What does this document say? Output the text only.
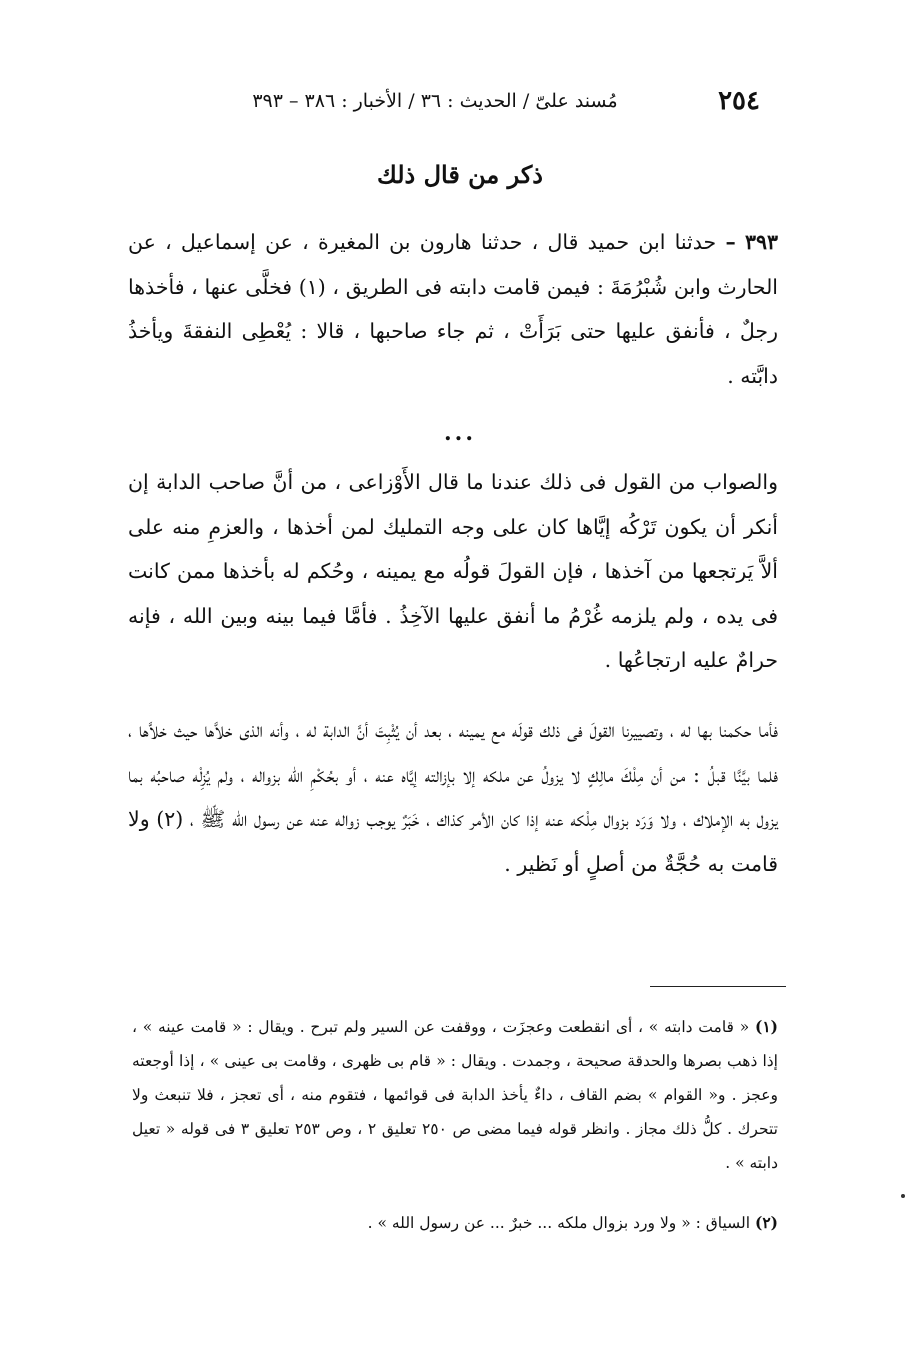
٢٥٤
مُسند علىّ / الحديث : ٣٦ / الأخبار : ٣٨٦ – ٣٩٣
ذكر من قال ذلك
٣٩٣ – حدثنا ابن حميد قال ، حدثنا هارون بن المغيرة ، عن إسماعيل ، عن الحارث وابن شُبْرُمَةَ : فيمن قامت دابته فى الطريق ، (١) فخلَّى عنها ، فأخذها رجلٌ ، فأنفق عليها حتى بَرَأَتْ ، ثم جاء صاحبها ، قالا : يُعْطِى النفقةَ ويأخذُ دابَّته .
...
والصواب من القول فى ذلك عندنا ما قال الأَوْزاعى ، من أنَّ صاحب الدابة إن أنكر أن يكون تَرْكُه إيَّاها كان على وجه التمليك لمن أخذها ، والعزمِ منه على ألاَّ يَرتجعها من آخذها ، فإن القولَ قولُه مع يمينه ، وحُكم له بأخذها ممن كانت فى يده ، ولم يلزمه غُرْمُ ما أنفق عليها الآخِذُ . فأمَّا فيما بينه وبين الله ، فإنه حرامٌ عليه ارتجاعُها .
فأما حكمنا بها له ، وتصييرنا القولَ فى ذلك قولَه مع يمينه ، بعد أن يُثْبِتَ أنَّ الدابة له ، وأنه الذى خلاَّها حيث خلاَّها ، فلما بيَّنَّا قبلُ : من أن مِلْكَ مالِكٍ لا يزولُ عن ملكه إلا بإزالته إيَّاه عنه ، أو بحُكْمِ الله بزواله ، ولم يُزِلْه صاحبُه بما يزول به الإملاك ، ولا وَرَد بزوال مِلْكه عنه إذا كان الأمر كذاك ، خَبَرٌ يوجب زواله عنه عن رسول الله ﷺ ، (٢) ولا قامت به حُجَّةٌ من أصلٍ أو نَظير .
(١) « قامت دابته » ، أى انقطعت وعجزَت ، ووقفت عن السير ولم تبرح . ويقال : « قامت عينه » ، إذا ذهب بصرها والحدقة صحيحة ، وجمدت . ويقال : « قام بى ظهرى ، وقامت بى عينى » ، إذا أوجعته وعجز . و« القوام » بضم القاف ، داءٌ يأخذ الدابة فى قوائمها ، فتقوم منه ، أى تعجز ، فلا تنبعث ولا تتحرك . كلُّ ذلك مجاز . وانظر قوله فيما مضى ص ٢٥٠ تعليق ٢ ، وص ٢٥٣ تعليق ٣ فى قوله « تعيل دابته » .
(٢) السياق : « ولا ورد بزوال ملكه ... خبرٌ ... عن رسول الله » .
